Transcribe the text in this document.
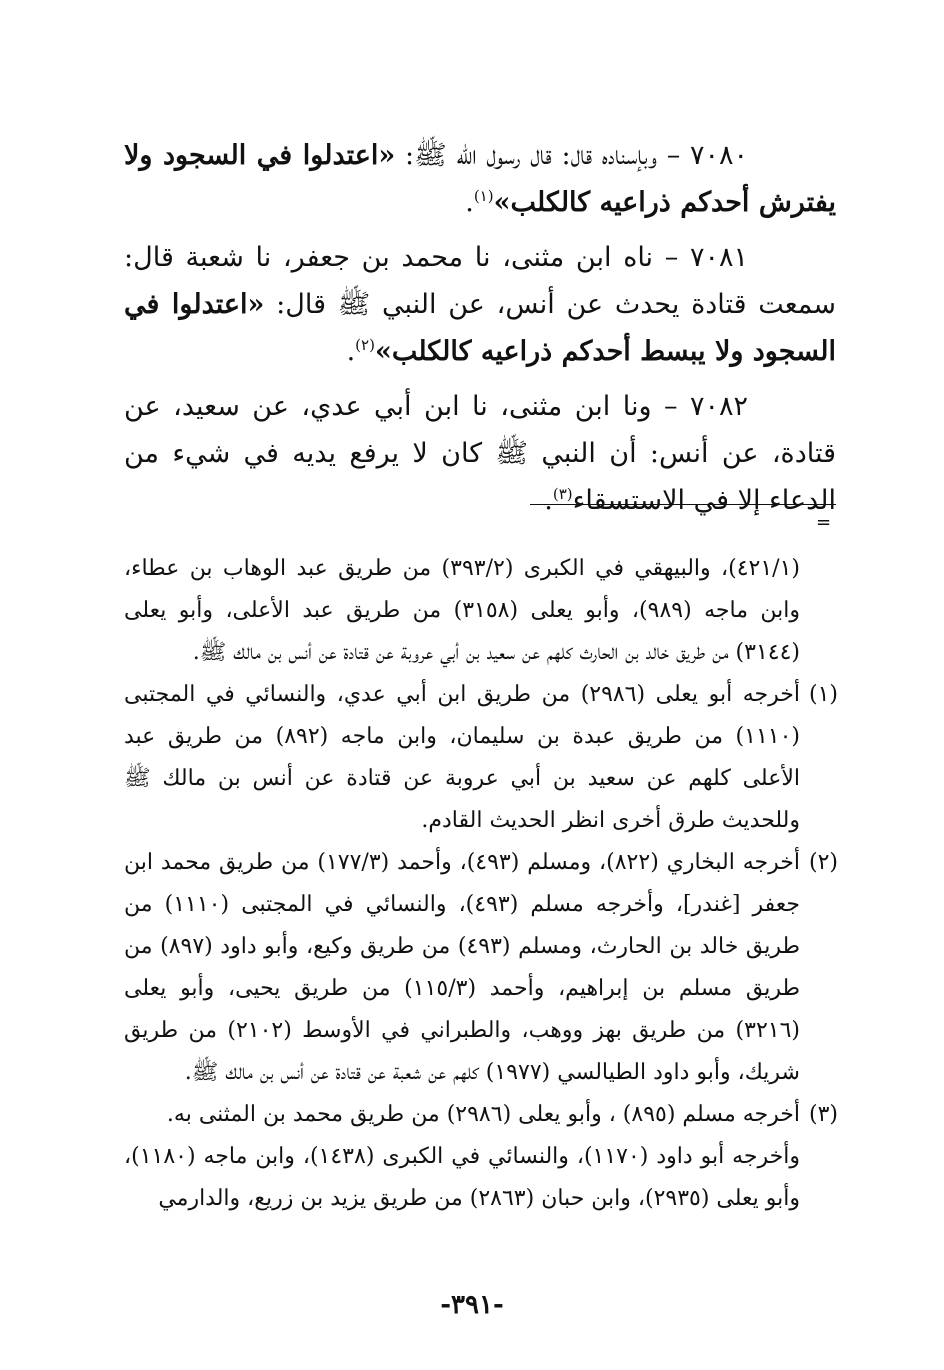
٧٠٨٠ – وبإسناده قال: قال رسول الله ﷺ: «اعتدلوا في السجود ولا يفترش أحدكم ذراعيه كالكلب»$^{(١)}$.

٧٠٨١ – ناه ابن مثنى، نا محمد بن جعفر، نا شعبة قال: سمعت قتادة يحدث عن أنس، عن النبي ﷺ قال: «اعتدلوا في السجود ولا يبسط أحدكم ذراعيه كالكلب»$^{(٢)}$.

٧٠٨٢ – ونا ابن مثنى، نا ابن أبي عدي، عن سعيد، عن قتادة، عن أنس: أن النبي ﷺ كان لا يرفع يديه في شيء من الدعاء إلا في الاستسقاء$^{(٣)}$.

=

(٤٢١/١)، والبيهقي في الكبرى (٣٩٣/٢) من طريق عبد الوهاب بن عطاء، وابن ماجه (٩٨٩)، وأبو يعلى (٣١٥٨) من طريق عبد الأعلى، وأبو يعلى (٣١٤٤) من طريق خالد بن الحارث كلهم عن سعيد بن أبي عروبة عن قتادة عن أنس بن مالك ﷺ.

(١)
أخرجه أبو يعلى (٢٩٨٦) من طريق ابن أبي عدي، والنسائي في المجتبى (١١١٠) من طريق عبدة بن سليمان، وابن ماجه (٨٩٢) من طريق عبد الأعلى كلهم عن سعيد بن أبي عروبة عن قتادة عن أنس بن مالك ﷺ وللحديث طرق أخرى انظر الحديث القادم.

(٢)
أخرجه البخاري (٨٢٢)، ومسلم (٤٩٣)، وأحمد (١٧٧/٣) من طريق محمد ابن جعفر [غندر]، وأخرجه مسلم (٤٩٣)، والنسائي في المجتبى (١١١٠) من طريق خالد بن الحارث، ومسلم (٤٩٣) من طريق وكيع، وأبو داود (٨٩٧) من طريق مسلم بن إبراهيم، وأحمد (١١٥/٣) من طريق يحيى، وأبو يعلى (٣٢١٦) من طريق بهز ووهب، والطبراني في الأوسط (٢١٠٢) من طريق شريك، وأبو داود الطيالسي (١٩٧٧) كلهم عن شعبة عن قتادة عن أنس بن مالك ﷺ.

(٣)
أخرجه مسلم (٨٩٥) ، وأبو يعلى (٢٩٨٦) من طريق محمد بن المثنى به.

وأخرجه أبو داود (١١٧٠)، والنسائي في الكبرى (١٤٣٨)، وابن ماجه (١١٨٠)، وأبو يعلى (٢٩٣٥)، وابن حبان (٢٨٦٣) من طريق يزيد بن زريع، والدارمي

-٣٩١-
